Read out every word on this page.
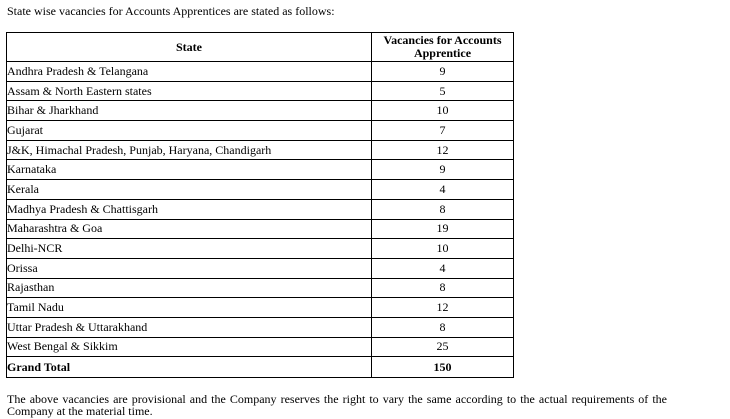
State wise vacancies for Accounts Apprentices are stated as follows:
State	Vacancies for Accounts Apprentice
Andhra Pradesh & Telangana	9
Assam & North Eastern states	5
Bihar & Jharkhand	10
Gujarat	7
J&K, Himachal Pradesh, Punjab, Haryana, Chandigarh	12
Karnataka	9
Kerala	4
Madhya Pradesh & Chattisgarh	8
Maharashtra & Goa	19
Delhi-NCR	10
Orissa	4
Rajasthan	8
Tamil Nadu	12
Uttar Pradesh & Uttarakhand	8
West Bengal & Sikkim	25
Grand Total	150
The above vacancies are provisional and the Company reserves the right to vary the same according to the actual requirements of the Company at the material time.
